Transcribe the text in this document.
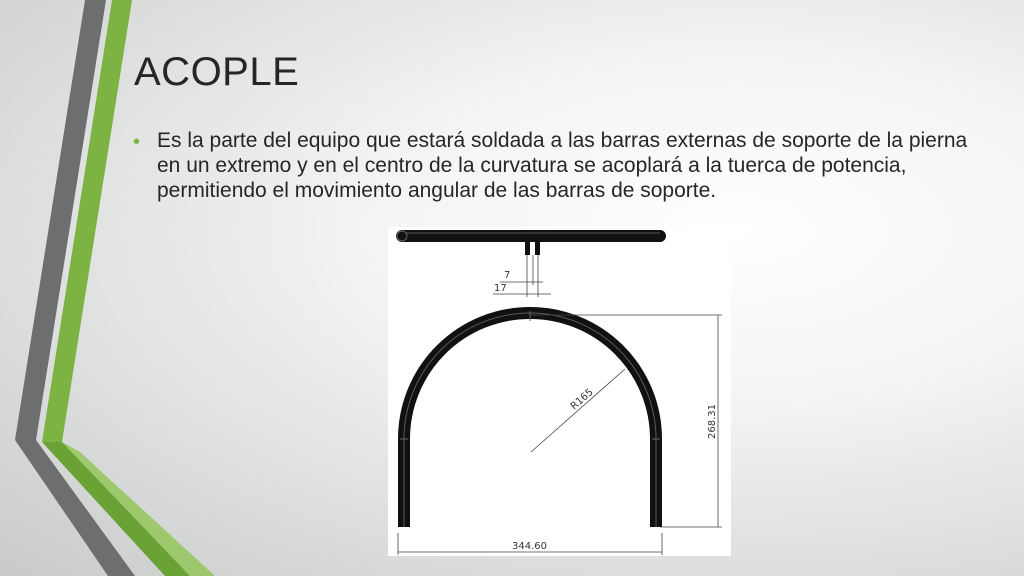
ACOPLE
• Es la parte del equipo que estará soldada a las barras externas de soporte de la pierna en un extremo y en el centro de la curvatura se acoplará a la tuerca de potencia, permitiendo el movimiento angular de las barras de soporte.
7
17
R165
268.31
344.60
